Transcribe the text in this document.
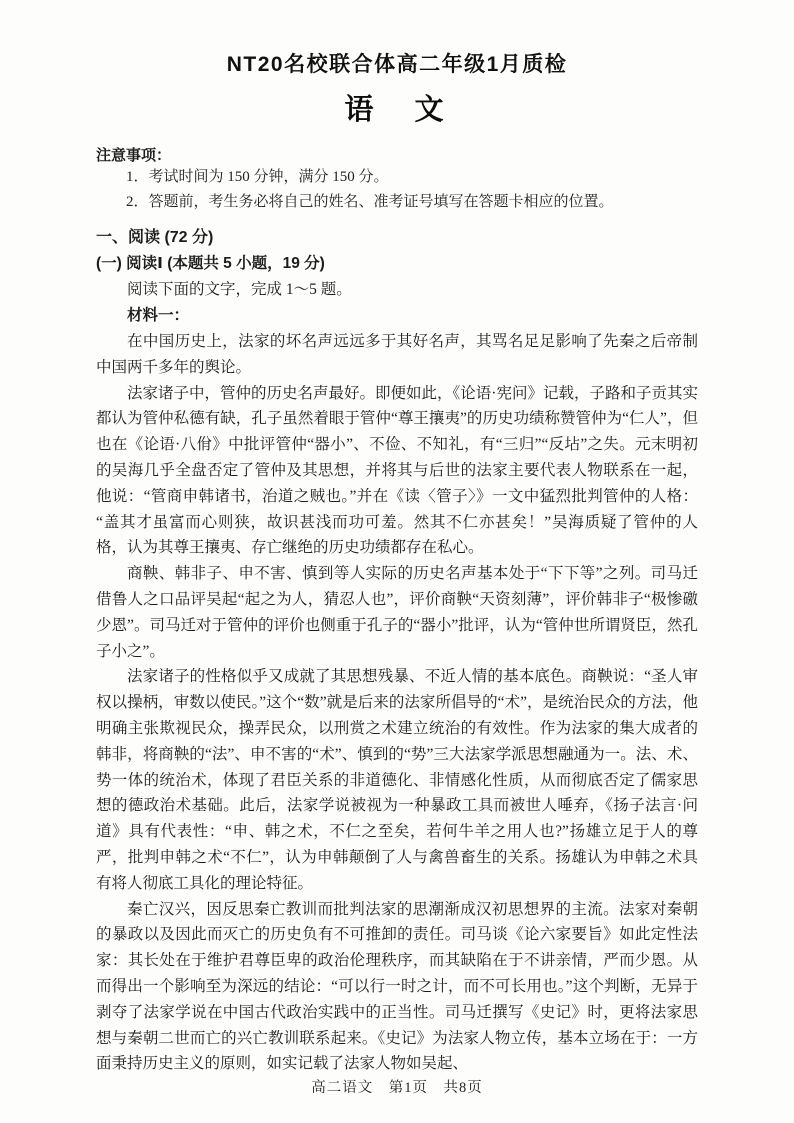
NT20名校联合体高二年级1月质检
语　文
注意事项：
1．考试时间为 150 分钟，满分 150 分。
2．答题前，考生务必将自己的姓名、准考证号填写在答题卡相应的位置。
一、阅读 (72 分)
(一) 阅读Ⅰ (本题共 5 小题，19 分)
阅读下面的文字，完成 1～5 题。
材料一：

在中国历史上，法家的坏名声远远多于其好名声，其骂名足足影响了先秦之后帝制中国两千多年的舆论。

法家诸子中，管仲的历史名声最好。即便如此，《论语·宪问》记载，子路和子贡其实都认为管仲私德有缺，孔子虽然着眼于管仲“尊王攘夷”的历史功绩称赞管仲为“仁人”，但也在《论语·八佾》中批评管仲“器小”、不俭、不知礼，有“三归”“反坫”之失。元末明初的吴海几乎全盘否定了管仲及其思想，并将其与后世的法家主要代表人物联系在一起，他说：“管商申韩诸书，治道之贼也。”并在《读〈管子〉》一文中猛烈批判管仲的人格：“盖其才虽富而心则狭，故识甚浅而功可羞。然其不仁亦甚矣！”吴海质疑了管仲的人格，认为其尊王攘夷、存亡继绝的历史功绩都存在私心。

商鞅、韩非子、申不害、慎到等人实际的历史名声基本处于“下下等”之列。司马迁借鲁人之口品评吴起“起之为人，猜忍人也”，评价商鞅“天资刻薄”，评价韩非子“极惨礉少恩”。司马迁对于管仲的评价也侧重于孔子的“器小”批评，认为“管仲世所谓贤臣，然孔子小之”。

法家诸子的性格似乎又成就了其思想残暴、不近人情的基本底色。商鞅说：“圣人审权以操柄，审数以使民。”这个“数”就是后来的法家所倡导的“术”，是统治民众的方法，他明确主张欺视民众，操弄民众，以刑赏之术建立统治的有效性。作为法家的集大成者的韩非，将商鞅的“法”、申不害的“术”、慎到的“势”三大法家学派思想融通为一。法、术、势一体的统治术，体现了君臣关系的非道德化、非情感化性质，从而彻底否定了儒家思想的德政治术基础。此后，法家学说被视为一种暴政工具而被世人唾弃，《扬子法言·问道》具有代表性：“申、韩之术，不仁之至矣，若何牛羊之用人也?”扬雄立足于人的尊严，批判申韩之术“不仁”，认为申韩颠倒了人与禽兽畜生的关系。扬雄认为申韩之术具有将人彻底工具化的理论特征。

秦亡汉兴，因反思秦亡教训而批判法家的思潮渐成汉初思想界的主流。法家对秦朝的暴政以及因此而灭亡的历史负有不可推卸的责任。司马谈《论六家要旨》如此定性法家：其长处在于维护君尊臣卑的政治伦理秩序，而其缺陷在于不讲亲情，严而少恩。从而得出一个影响至为深远的结论：“可以行一时之计，而不可长用也。”这个判断，无异于剥夺了法家学说在中国古代政治实践中的正当性。司马迁撰写《史记》时，更将法家思想与秦朝二世而亡的兴亡教训联系起来。《史记》为法家人物立传，基本立场在于：一方面秉持历史主义的原则，如实记载了法家人物如吴起、

高二语文　第1页　共8页
